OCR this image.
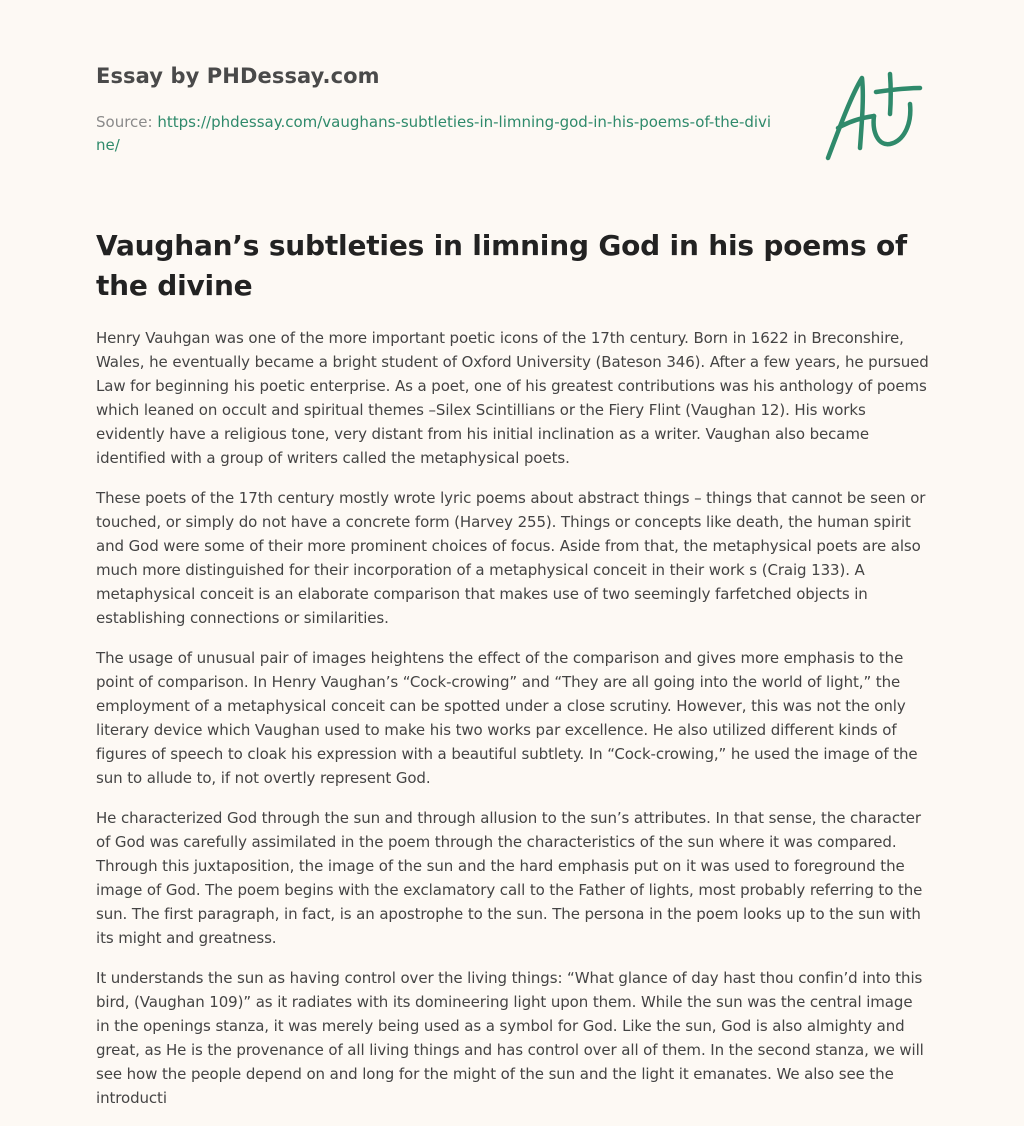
Essay by PHDessay.com

Source: https://phdessay.com/vaughans-subtleties-in-limning-god-in-his-poems-of-the-divine/

Vaughan’s subtleties in limning God in his poems of the divine

Henry Vauhgan was one of the more important poetic icons of the 17th century. Born in 1622 in Breconshire, Wales, he eventually became a bright student of Oxford University (Bateson 346). After a few years, he pursued Law for beginning his poetic enterprise. As a poet, one of his greatest contributions was his anthology of poems which leaned on occult and spiritual themes –Silex Scintillians or the Fiery Flint (Vaughan 12). His works evidently have a religious tone, very distant from his initial inclination as a writer. Vaughan also became identified with a group of writers called the metaphysical poets.

These poets of the 17th century mostly wrote lyric poems about abstract things – things that cannot be seen or touched, or simply do not have a concrete form (Harvey 255). Things or concepts like death, the human spirit and God were some of their more prominent choices of focus. Aside from that, the metaphysical poets are also much more distinguished for their incorporation of a metaphysical conceit in their work s (Craig 133). A metaphysical conceit is an elaborate comparison that makes use of two seemingly farfetched objects in establishing connections or similarities.

The usage of unusual pair of images heightens the effect of the comparison and gives more emphasis to the point of comparison. In Henry Vaughan’s “Cock-crowing” and “They are all going into the world of light,” the employment of a metaphysical conceit can be spotted under a close scrutiny. However, this was not the only literary device which Vaughan used to make his two works par excellence. He also utilized different kinds of figures of speech to cloak his expression with a beautiful subtlety. In “Cock-crowing,” he used the image of the sun to allude to, if not overtly represent God.

He characterized God through the sun and through allusion to the sun’s attributes. In that sense, the character of God was carefully assimilated in the poem through the characteristics of the sun where it was compared. Through this juxtaposition, the image of the sun and the hard emphasis put on it was used to foreground the image of God. The poem begins with the exclamatory call to the Father of lights, most probably referring to the sun. The first paragraph, in fact, is an apostrophe to the sun. The persona in the poem looks up to the sun with its might and greatness.

It understands the sun as having control over the living things: “What glance of day hast thou confin’d into this bird, (Vaughan 109)” as it radiates with its domineering light upon them. While the sun was the central image in the openings stanza, it was merely being used as a symbol for God. Like the sun, God is also almighty and great, as He is the provenance of all living things and has control over all of them. In the second stanza, we will see how the people depend on and long for the might of the sun and the light it emanates. We also see the introducti
